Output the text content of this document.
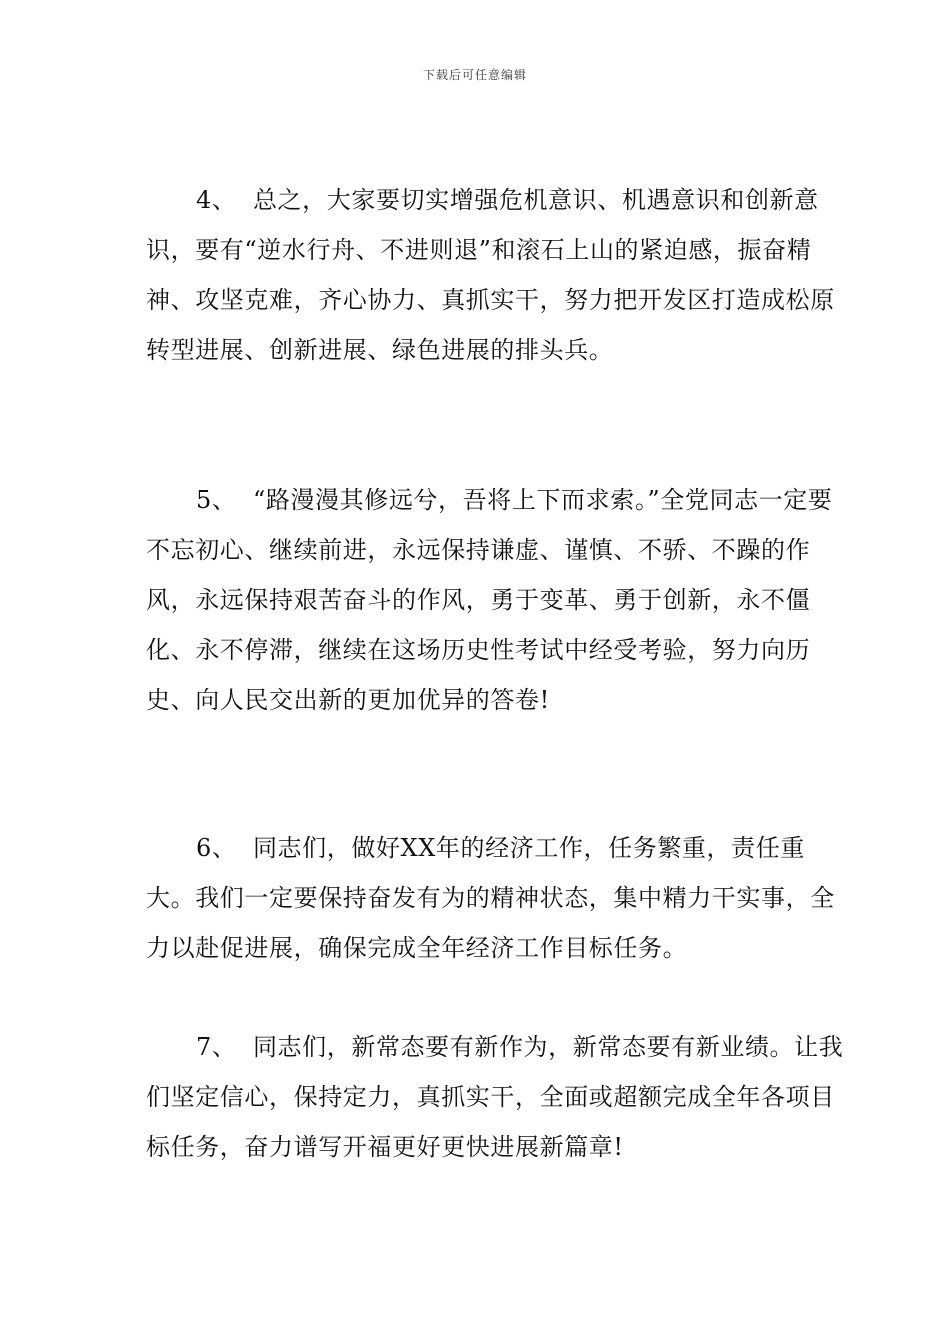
下载后可任意编辑

4、 总之，大家要切实增强危机意识、机遇意识和创新意识，要有“逆水行舟、不进则退”和滚石上山的紧迫感，振奋精神、攻坚克难，齐心协力、真抓实干，努力把开发区打造成松原转型进展、创新进展、绿色进展的排头兵。

5、 “路漫漫其修远兮，吾将上下而求索。”全党同志一定要不忘初心、继续前进，永远保持谦虚、谨慎、不骄、不躁的作风，永远保持艰苦奋斗的作风，勇于变革、勇于创新，永不僵化、永不停滞，继续在这场历史性考试中经受考验，努力向历史、向人民交出新的更加优异的答卷!

6、 同志们，做好XX年的经济工作，任务繁重，责任重大。我们一定要保持奋发有为的精神状态，集中精力干实事，全力以赴促进展，确保完成全年经济工作目标任务。

7、 同志们，新常态要有新作为，新常态要有新业绩。让我们坚定信心，保持定力，真抓实干，全面或超额完成全年各项目标任务，奋力谱写开福更好更快进展新篇章!
